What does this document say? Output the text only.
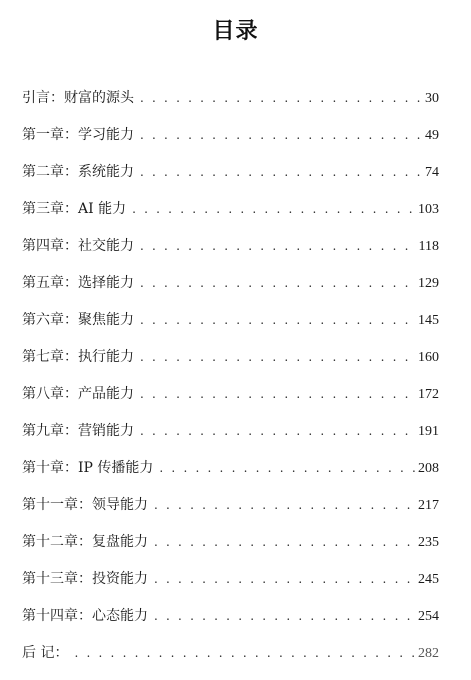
目录
引言：财富的源头 . . .	30
第一章：学习能力 . . .	49
第二章：系统能力 . . .	74
第三章：AI 能力 . . .	103
第四章：社交能力 . . .	118
第五章：选择能力 . . .	129
第六章：聚焦能力 . . .	145
第七章：执行能力 . . .	160
第八章：产品能力 . . .	172
第九章：营销能力 . . .	191
第十章：IP 传播能力 . . .	208
第十一章：领导能力 . . .	217
第十二章：复盘能力 . . .	235
第十三章：投资能力 . . .	245
第十四章：心态能力 . . .	254
后 记： . . .	282
